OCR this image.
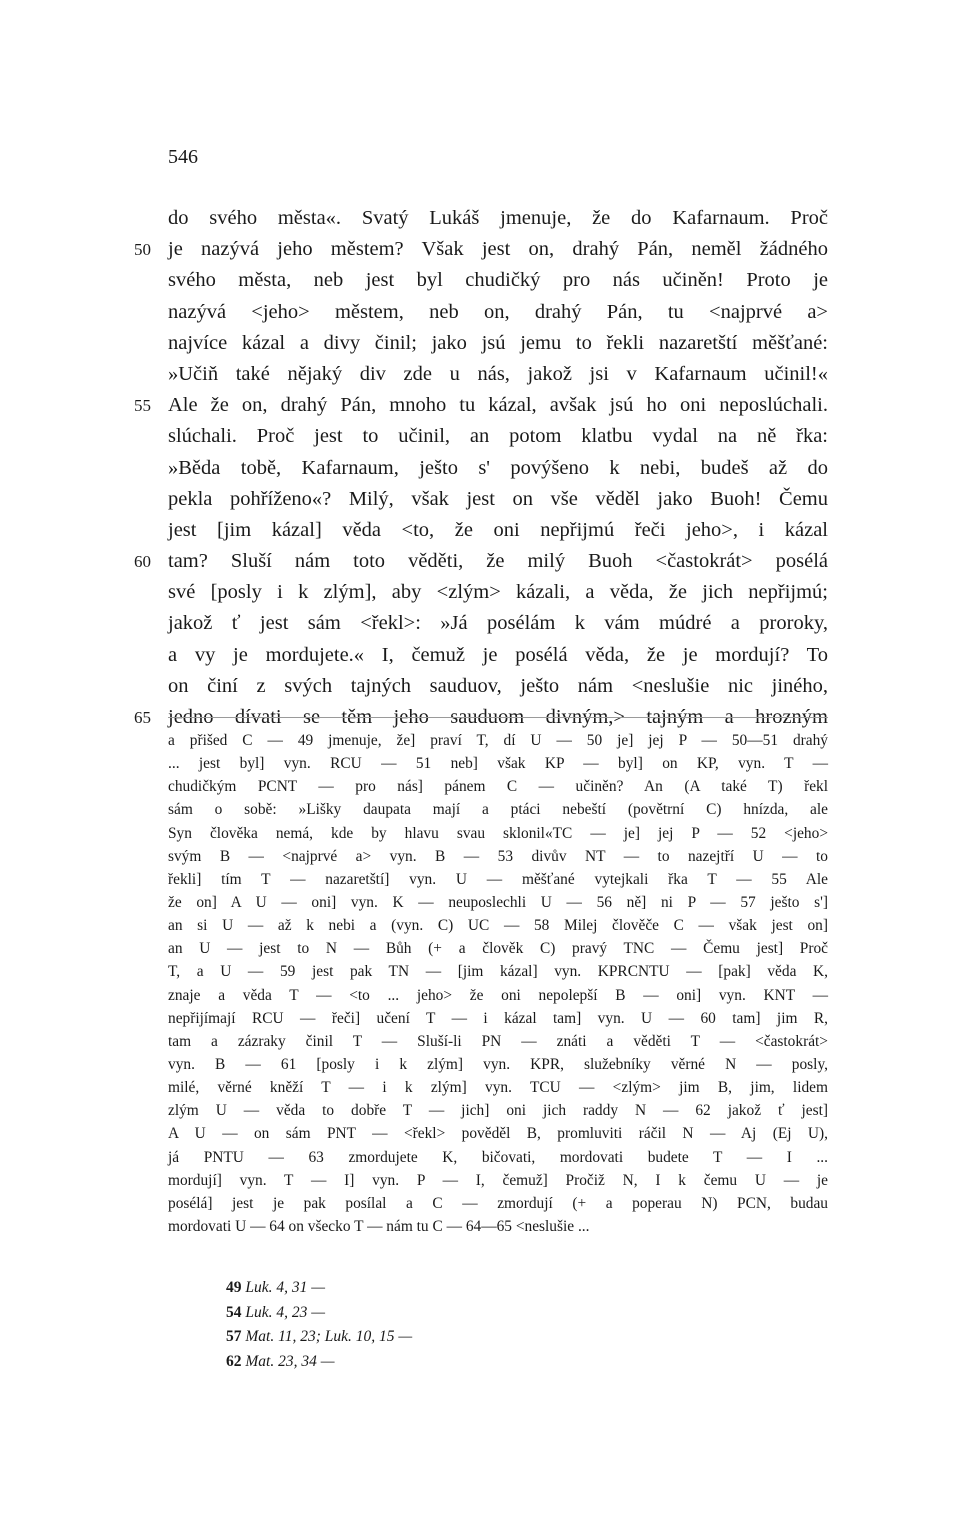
546
do svého města«. Svatý Lukáš jmenuje, že do Kafarnaum. Proč
50 je nazývá jeho městem? Však jest on, drahý Pán, neměl žádného
svého města, neb jest byl chudičký pro nás učiněn! Proto je
nazývá <jeho> městem, neb on, drahý Pán, tu <najprvé a>
najvíce kázal a divy činil; jako jsú jemu to řekli nazaretští měšťané:
»Učiň také nějaký div zde u nás, jakož jsi v Kafarnaum učinil!«
55 Ale že on, drahý Pán, mnoho tu kázal, avšak jsú ho oni neposlúchali.
slúchali. Proč jest to učinil, an potom klatbu vydal na ně řka:
»Běda tobě, Kafarnaum, ješto s' povýšeno k nebi, budeš až do
pekla pohříženo«? Milý, však jest on vše věděl jako Buoh! Čemu
jest [jim kázal] věda <to, že oni nepřijmú řeči jeho>, i kázal
60 tam? Sluší nám toto věděti, že milý Buoh <častokrát> posélá
své [posly i k zlým], aby <zlým> kázali, a věda, že jich nepřijmú;
jakož ť jest sám <řekl>: »Já posélám k vám múdré a proroky,
a vy je mordujete.« I, čemuž je posélá věda, že je mordují? To
on činí z svých tajných sauduov, ješto nám <neslušie nic jiného,
65 jedno dívati se těm jeho sauduom divným,> tajným a hrozným
a přišed C — 49 jmenuje, že] praví T, dí U — 50 je] jej P — 50—51 drahý
... jest byl] vyn. RCU — 51 neb] však KP — byl] on KP, vyn. T —
chudičkým PCNT — pro nás] pánem C — učiněn? An (A také T) řekl
sám o sobě: »Lišky daupata mají a ptáci nebeští (povětrní C) hnízda, ale
Syn člověka nemá, kde by hlavu svau sklonil«TC — je] jej P — 52 <jeho>
svým B — <najprvé a> vyn. B — 53 divův NT — to nazejtří U — to
řekli] tím T — nazaretští] vyn. U — měšťané vytejkali řka T — 55 Ale
že on] A U — oni] vyn. K — neuposlechli U — 56 ně] ni P — 57 ješto s']
an si U — až k nebi a (vyn. C) UC — 58 Milej člověče C — však jest on]
an U — jest to N — Bůh (+ a člověk C) pravý TNC — Čemu jest] Proč
T, a U — 59 jest pak TN — [jim kázal] vyn. KPRCNTU — [pak] věda K,
znaje a věda T — <to ... jeho> že oni nepolepší B — oni] vyn. KNT —
nepřijímají RCU — řeči] učení T — i kázal tam] vyn. U — 60 tam] jim R,
tam a zázraky činil T — Sluší-li PN — znáti a věděti T — <častokrát>
vyn. B — 61 [posly i k zlým] vyn. KPR, služebníky věrné N — posly,
milé, věrné kněží T — i k zlým] vyn. TCU — <zlým> jim B, jim, lidem
zlým U — věda to dobře T — jich] oni jich raddy N — 62 jakož ť jest]
A U — on sám PNT — <řekl> pověděl B, promluviti ráčil N — Aj (Ej U),
já PNTU — 63 zmordujete K, bičovati, mordovati budete T — I ...
mordují] vyn. T — I] vyn. P — I, čemuž] Pročiž N, I k čemu U — je
posélá] jest je pak posílal a C — zmordují (+ a poperau N) PCN, budau
mordovati U — 64 on všecko T — nám tu C — 64—65 <neslušie ...
49 Luk. 4, 31 —
54 Luk. 4, 23 —
57 Mat. 11, 23; Luk. 10, 15 —
62 Mat. 23, 34 —
